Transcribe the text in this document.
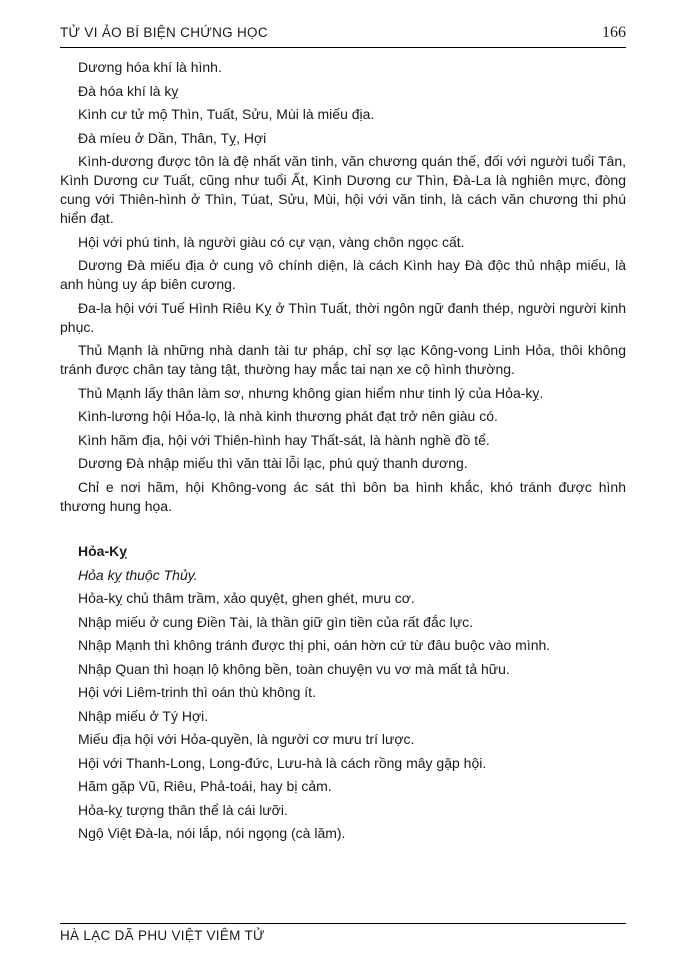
TỬ VI ẢO BÍ BIỆN CHỨNG HỌC	166

Dương hóa khí là hình.

Đà hóa khí là kỵ

Kình cư tử mộ Thìn, Tuất, Sửu, Mùi là miếu địa.

Đà míeu ở Dần, Thân, Tỵ, Hợi

Kình-dương được tôn là đệ nhất văn tinh, văn chương quán thế, đối với người tuổi Tân, Kình Dương cư Tuất, cũng như tuổi Ất, Kình Dương cư Thìn, Đà-La là nghiên mực, đòng cung với Thiên-hình ở Thìn, Túat, Sửu, Mùi, hội với văn tinh, là cách văn chương thi phú hiển đạt.

Hội với phú tinh, là người giàu có cự vạn, vàng chôn ngọc cất.

Dương Đà miếu địa ở cung vô chính diện, là cách Kình hay Đà độc thủ nhập miếu, là anh hùng uy áp biên cương.

Đa-la hội với Tuế Hình Riêu Kỵ ở Thìn Tuất, thời ngôn ngữ đanh thép, người người kinh phục.

Thủ Mạnh là những nhà danh tài tư pháp, chỉ sợ lạc Kông-vong Linh Hỏa, thôi không tránh được chân tay tàng tật, thường hay mắc tai nạn xe cộ hình thường.

Thủ Mạnh lấy thân làm sơ, nhưng không gian hiểm như tinh lý của Hỏa-kỵ.

Kình-lương hội Hỏa-lọ, là nhà kinh thương phát đạt trở nên giàu có.

Kình hãm địa, hội với Thiên-hình hay Thất-sát, là hành nghề đồ tể.

Dương Đà nhập miếu thì văn ttài lỗi lạc, phú quý thanh dương.

Chỉ e nơi hãm, hội Không-vong ác sát thì bôn ba hình khắc, khó tránh được hình thương hung họa.

Hỏa-Kỵ

Hỏa kỵ thuộc Thủy.

Hỏa-kỵ chủ thâm trầm, xảo quyệt, ghen ghét, mưu cơ.

Nhập miếu ở cung Điền Tài, là thần giữ gìn tiền của rất đắc lực.

Nhập Mạnh thì không tránh được thị phi, oán hờn cứ từ đâu buộc vào mình.

Nhập Quan thì hoạn lộ không bền, toàn chuyện vu vơ mà mất tả hữu.

Hội với Liêm-trinh thì oán thù không ít.

Nhập miếu ở Tý Hợi.

Miếu địa hội với Hỏa-quyền, là người cơ mưu trí lược.

Hội với Thanh-Long, Long-đức, Lưu-hà là cách rồng mây gặp hội.

Hãm gặp Vũ, Riêu, Phả-toái, hay bị cảm.

Hỏa-kỵ tượng thân thể là cái lưỡi.

Ngộ Việt Đà-la, nói lắp, nói ngọng (cà lăm).

HÀ LẠC DÃ PHU VIỆT VIÊM TỬ
